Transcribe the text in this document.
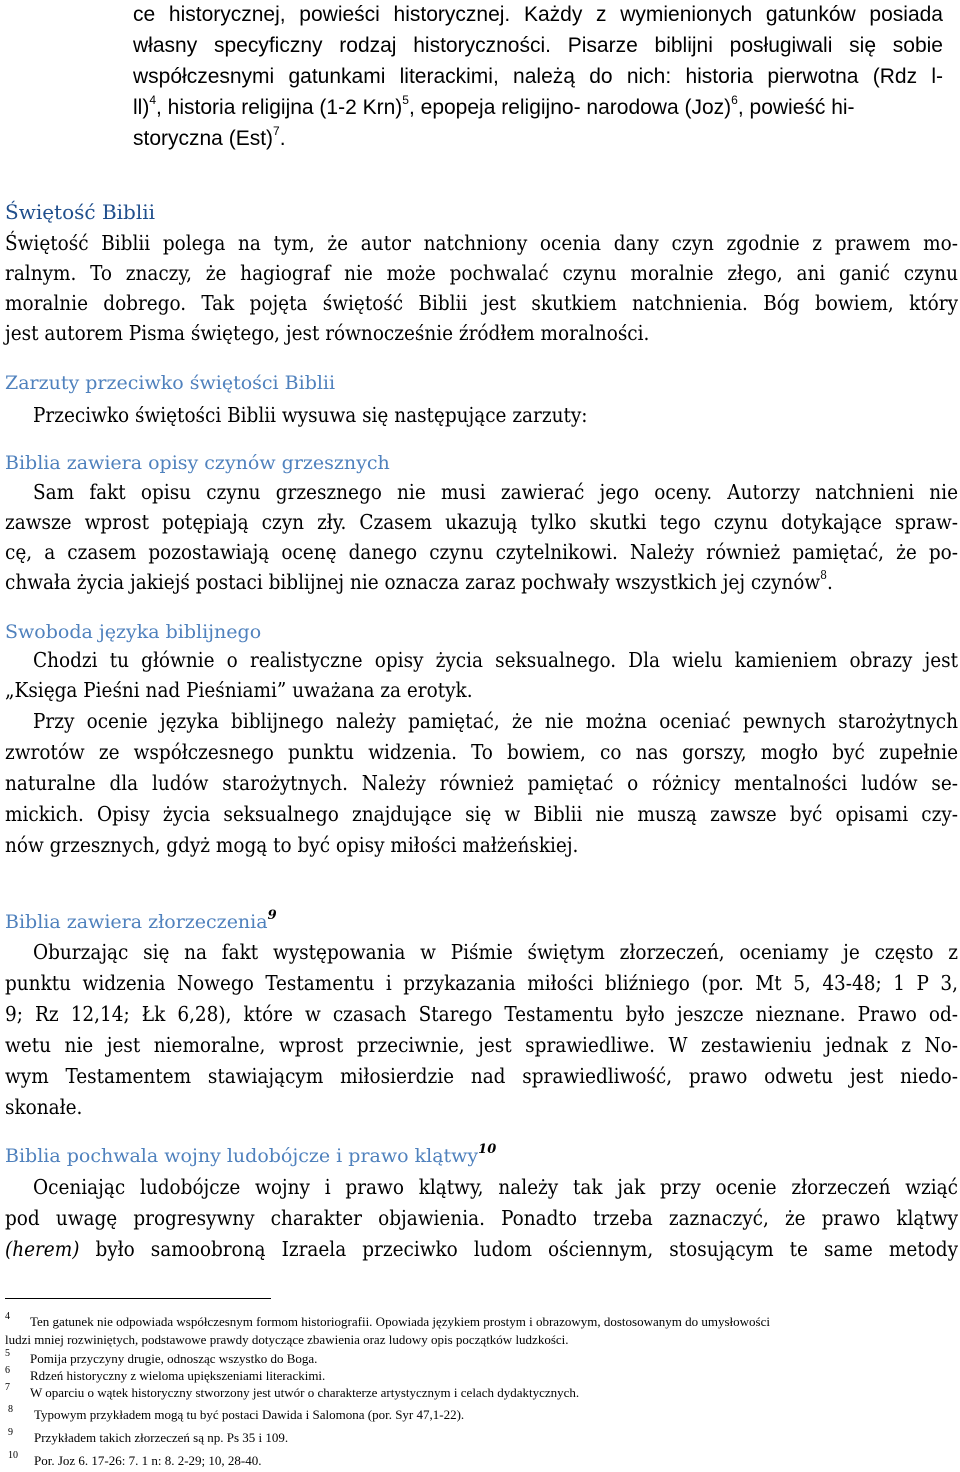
ce historycznej, powieści historycznej. Każdy z wymienionych gatunków posiada

własny specyficzny rodzaj historyczności. Pisarze biblijni posługiwali się sobie

współczesnymi gatunkami literackimi, należą do nich: historia pierwotna (Rdz l-

ll)$^4$, historia religijna (1-2 Krn)$^5$, epopeja religijno- narodowa (Joz)$^6$, powieść hi-

storyczna (Est)$^7$.

Świętość Biblii

Świętość Biblii polega na tym, że autor natchniony ocenia dany czyn zgodnie z prawem mo-

ralnym. To znaczy, że hagiograf nie może pochwalać czynu moralnie złego, ani ganić czynu

moralnie dobrego. Tak pojęta świętość Biblii jest skutkiem natchnienia. Bóg bowiem, który

jest autorem Pisma świętego, jest równocześnie źródłem moralności.

Zarzuty przeciwko świętości Biblii

Przeciwko świętości Biblii wysuwa się następujące zarzuty:

Biblia zawiera opisy czynów grzesznych

Sam fakt opisu czynu grzesznego nie musi zawierać jego oceny. Autorzy natchnieni nie

zawsze wprost potępiają czyn zły. Czasem ukazują tylko skutki tego czynu dotykające spraw-

cę, a czasem pozostawiają ocenę danego czynu czytelnikowi. Należy również pamiętać, że po-

chwała życia jakiejś postaci biblijnej nie oznacza zaraz pochwały wszystkich jej czynów$^8$.

Swoboda języka biblijnego

Chodzi tu głównie o realistyczne opisy życia seksualnego. Dla wielu kamieniem obrazy jest

„Księga Pieśni nad Pieśniami” uważana za erotyk.

Przy ocenie języka biblijnego należy pamiętać, że nie można oceniać pewnych starożytnych

zwrotów ze współczesnego punktu widzenia. To bowiem, co nas gorszy, mogło być zupełnie

naturalne dla ludów starożytnych. Należy również pamiętać o różnicy mentalności ludów se-

mickich. Opisy życia seksualnego znajdujące się w Biblii nie muszą zawsze być opisami czy-

nów grzesznych, gdyż mogą to być opisy miłości małżeńskiej.

Biblia zawiera złorzeczenia$^9$

Oburzając się na fakt występowania w Piśmie świętym złorzeczeń, oceniamy je często z

punktu widzenia Nowego Testamentu i przykazania miłości bliźniego (por. Mt 5, 43-48; 1 P 3,

9; Rz 12,14; Łk 6,28), które w czasach Starego Testamentu było jeszcze nieznane. Prawo od-

wetu nie jest niemoralne, wprost przeciwnie, jest sprawiedliwe. W zestawieniu jednak z No-

wym Testamentem stawiającym miłosierdzie nad sprawiedliwość, prawo odwetu jest niedo-

skonałe.

Biblia pochwala wojny ludobójcze i prawo klątwy$^{10}$

Oceniając ludobójcze wojny i prawo klątwy, należy tak jak przy ocenie złorzeczeń wziąć

pod uwagę progresywny charakter objawienia. Ponadto trzeba zaznaczyć, że prawo klątwy

(herem) było samoobroną Izraela przeciwko ludom ościennym, stosującym te same metody

4 Ten gatunek nie odpowiada współczesnym formom historiografii. Opowiada językiem prostym i obrazowym, dostosowanym do umysłowości

ludzi mniej rozwiniętych, podstawowe prawdy dotyczące zbawienia oraz ludowy opis początków ludzkości.

5 Pomija przyczyny drugie, odnosząc wszystko do Boga.

6 Rdzeń historyczny z wieloma upiększeniami literackimi.

7 W oparciu o wątek historyczny stworzony jest utwór o charakterze artystycznym i celach dydaktycznych.

8 Typowym przykładem mogą tu być postaci Dawida i Salomona (por. Syr 47,1-22).

9 Przykładem takich złorzeczeń są np. Ps 35 i 109.

10 Por. Joz 6. 17-26: 7. 1 n: 8. 2-29; 10, 28-40.
